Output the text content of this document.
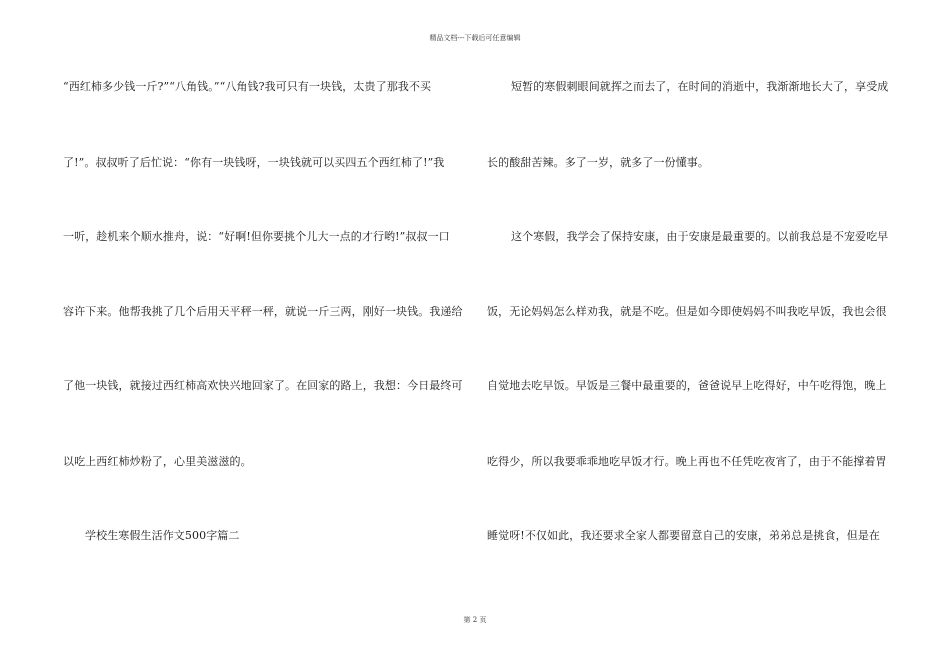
精品文档---下载后可任意编辑
“西红柿多少钱一斤?”“八角钱。”“八角钱?我可只有一块钱，太贵了那我不买
了!”。叔叔听了后忙说：“你有一块钱呀，一块钱就可以买四五个西红柿了!”我
一听，趁机来个顺水推舟，说：“好啊!但你要挑个儿大一点的才行哟!”叔叔一口
容许下来。他帮我挑了几个后用天平秤一秤，就说一斤三两，刚好一块钱。我递给
了他一块钱，就接过西红柿高欢快兴地回家了。在回家的路上，我想：今日最终可
以吃上西红柿炒粉了，心里美滋滋的。
学校生寒假生活作文500字篇二
短暂的寒假刺眼间就挥之而去了，在时间的消逝中，我渐渐地长大了，享受成
长的酸甜苦辣。多了一岁，就多了一份懂事。
这个寒假，我学会了保持安康，由于安康是最重要的。以前我总是不宠爱吃早
饭，无论妈妈怎么样劝我，就是不吃。但是如今即使妈妈不叫我吃早饭，我也会很
自觉地去吃早饭。早饭是三餐中最重要的，爸爸说早上吃得好，中午吃得饱，晚上
吃得少，所以我要乖乖地吃早饭才行。晚上再也不任凭吃夜宵了，由于不能撑着胃
睡觉呀!不仅如此，我还要求全家人都要留意自己的安康，弟弟总是挑食，但是在
第 2 页
